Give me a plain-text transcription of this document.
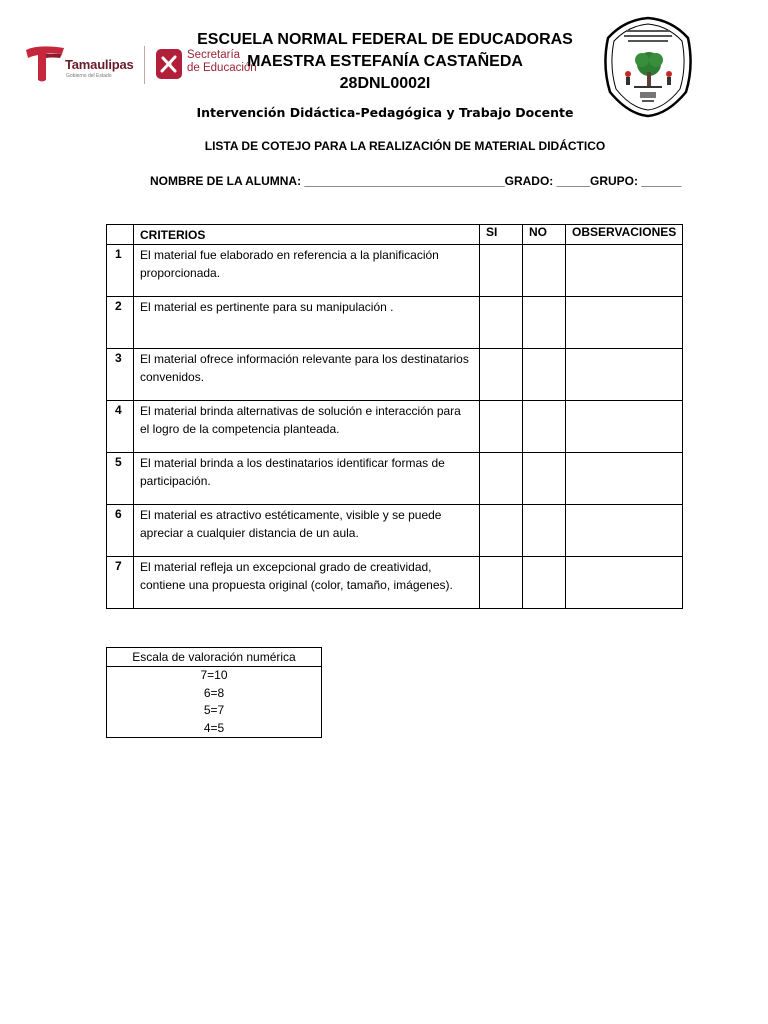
Tamaulipas
Gobierno del Estado
Secretaría
de Educación
ESCUELA NORMAL FEDERAL DE EDUCADORAS
MAESTRA ESTEFANÍA CASTAÑEDA
28DNL0002I
Intervención Didáctica-Pedagógica y Trabajo Docente
LISTA DE COTEJO PARA LA REALIZACIÓN DE MATERIAL DIDÁCTICO
NOMBRE DE LA ALUMNA: ______________________________GRADO: _____GRUPO: ______
	CRITERIOS	SI	NO	OBSERVACIONES
1	El material fue elaborado en referencia a la planificación proporcionada.			
2	El material es pertinente para su manipulación .			
3	El material ofrece información relevante para los destinatarios convenidos.			
4	El material brinda alternativas de solución e interacción para el logro de la competencia planteada.			
5	El material brinda a los destinatarios identificar formas de participación.			
6	El material es atractivo estéticamente, visible y se puede apreciar a cualquier distancia de un aula.			
7	El material refleja un excepcional grado de creatividad, contiene una propuesta original (color, tamaño, imágenes).			
Escala de valoración numérica
7=10
6=8
5=7
4=5
